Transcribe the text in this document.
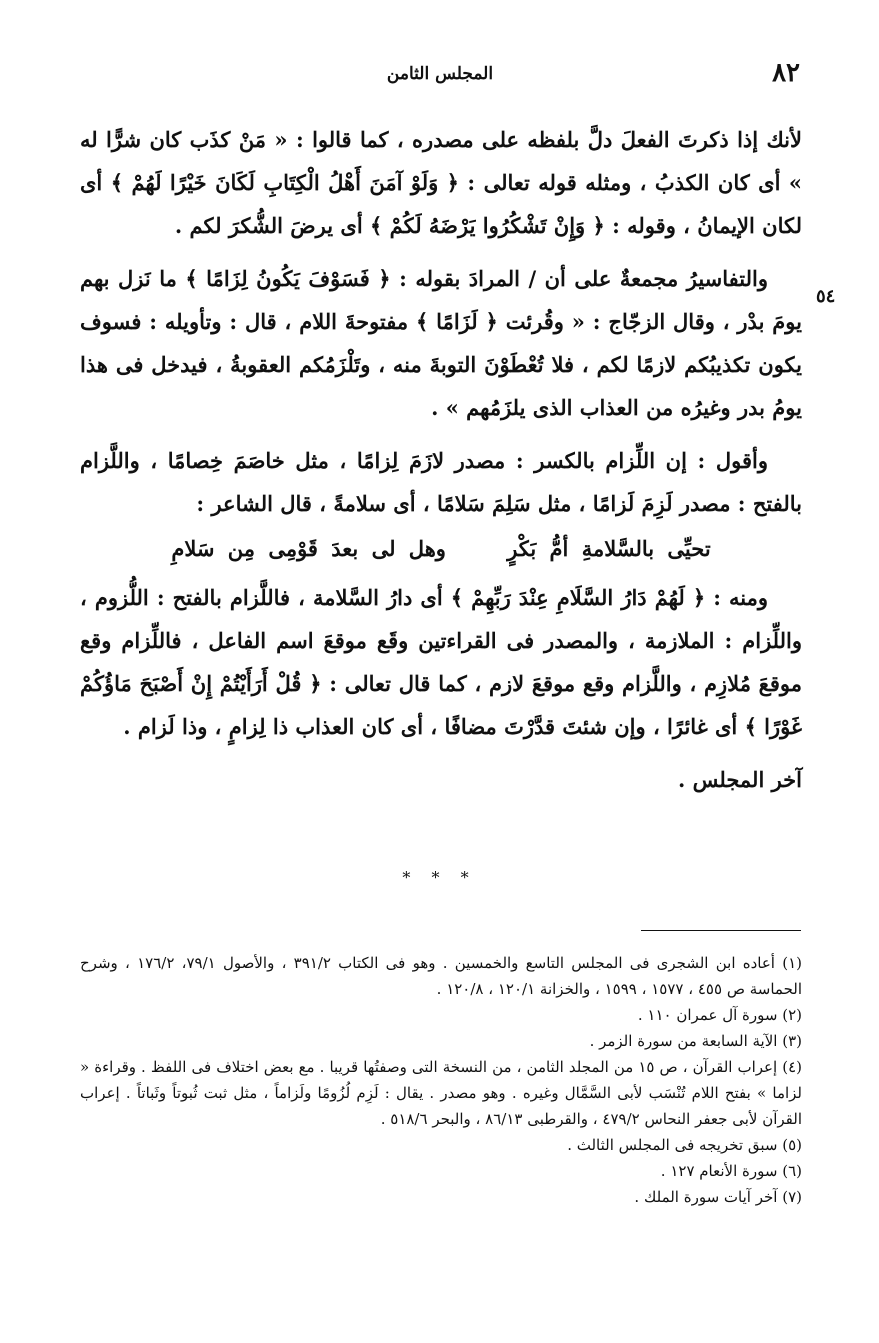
٨٢
المجلس الثامن
٥٤

لأنك إذا ذكرتَ الفعلَ دلَّ بلفظه على مصدره ، كما قالوا : « مَنْ كذَب كان شرًّا له » أى كان الكذبُ ، ومثله قوله تعالى : ﴿ وَلَوْ آمَنَ أَهْلُ الْكِتَابِ لَكَانَ خَيْرًا لَهُمْ ﴾ أى لكان الإيمانُ ، وقوله : ﴿ وَإِنْ تَشْكُرُوا يَرْضَهُ لَكُمْ ﴾ أى يرضَ الشُّكرَ لكم .

والتفاسيرُ مجمعةٌ على أن / المرادَ بقوله : ﴿ فَسَوْفَ يَكُونُ لِزَامًا ﴾ ما نَزل بهم يومَ بدْر ، وقال الزجّاج : « وقُرئت ﴿ لَزَامًا ﴾ مفتوحةَ اللام ، قال : وتأويله : فسوف يكون تكذيبُكم لازمًا لكم ، فلا تُعْطَوْنَ التوبةَ منه ، وتَلْزَمُكم العقوبةُ ، فيدخل فى هذا يومُ بدر وغيرُه من العذاب الذى يلزَمُهم » .

وأقول : إن اللِّزام بالكسر : مصدر لازَمَ لِزامًا ، مثل خاصَمَ خِصامًا ، واللَّزام بالفتح : مصدر لَزِمَ لَزامًا ، مثل سَلِمَ سَلامًا ، أى سلامةً ، قال الشاعر :

تحيِّى بالسَّلامةِ أمُّ بَكْرٍ وهل لى بعدَ قَوْمِى مِن سَلامِ

ومنه : ﴿ لَهُمْ دَارُ السَّلَامِ عِنْدَ رَبِّهِمْ ﴾ أى دارُ السَّلامة ، فاللَّزام بالفتح : اللُّزوم ، واللِّزام : الملازمة ، والمصدر فى القراءتين وقَع موقعَ اسم الفاعل ، فاللِّزام وقع موقعَ مُلازِم ، واللَّزام وقع موقعَ لازم ، كما قال تعالى : ﴿ قُلْ أَرَأَيْتُمْ إِنْ أَصْبَحَ مَاؤُكُمْ غَوْرًا ﴾ أى غائرًا ، وإن شئتَ قدَّرْتَ مضافًا ، أى كان العذاب ذا لِزامٍ ، وذا لَزام .

آخر المجلس .

* * *

(١) أعاده ابن الشجرى فى المجلس التاسع والخمسين . وهو فى الكتاب ٣٩١/٢ ، والأصول ٧٩/١، ١٧٦/٢ ، وشرح الحماسة ص ٤٥٥ ، ١٥٧٧ ، ١٥٩٩ ، والخزانة ١٢٠/١ ، ١٢٠/٨ .

(٢) سورة آل عمران ١١٠ .

(٣) الآية السابعة من سورة الزمر .

(٤) إعراب القرآن ، ص ١٥ من المجلد الثامن ، من النسخة التى وصفتُها قريبا . مع بعض اختلاف فى اللفظ . وقراءة « لزاما » بفتح اللام تُنْسَب لأبى السَّمَّال وغيره . وهو مصدر . يقال : لَزِم لُزُومًا ولَزاماً ، مثل ثبت ثُبوتاً وثَباتاً . إعراب القرآن لأبى جعفر النحاس ٤٧٩/٢ ، والقرطبى ٨٦/١٣ ، والبحر ٥١٨/٦ .

(٥) سبق تخريجه فى المجلس الثالث .

(٦) سورة الأنعام ١٢٧ .

(٧) آخر آيات سورة الملك .
